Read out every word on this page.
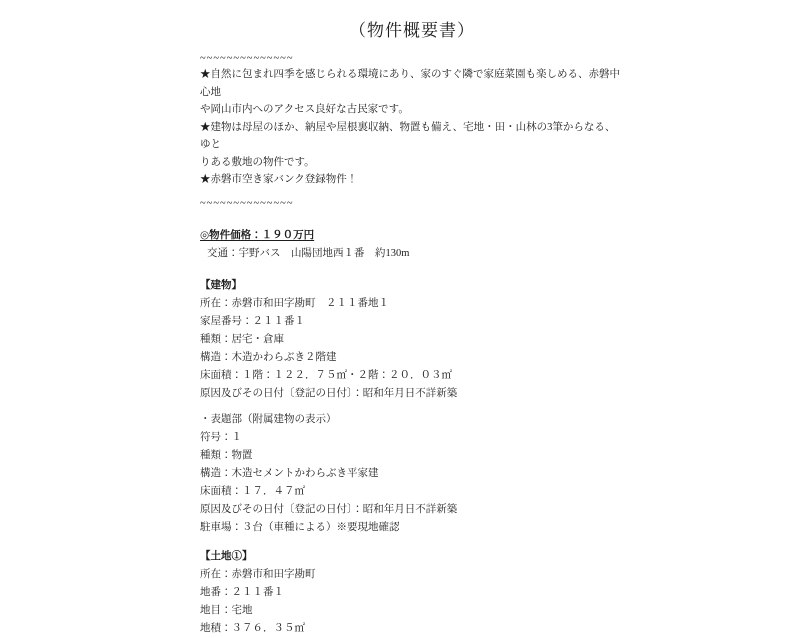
（物件概要書）
~~~~~~~~~~~~~~
★自然に包まれ四季を感じられる環境にあり、家のすぐ隣で家庭菜園も楽しめる、赤磐中心地
や岡山市内へのアクセス良好な古民家です。
★建物は母屋のほか、納屋や屋根裏収納、物置も備え、宅地・田・山林の3筆からなる、ゆと
りある敷地の物件です。
★赤磐市空き家バンク登録物件！
~~~~~~~~~~~~~~
◎物件価格：１９０万円
交通：宇野バス　山陽団地西１番　約130m
【建物】
所在：赤磐市和田字勘町　２１１番地１
家屋番号：２１１番１
種類：居宅・倉庫
構造：木造かわらぶき２階建
床面積：１階：１２２．７５㎡・２階：２０．０３㎡
原因及びその日付〔登記の日付〕：昭和年月日不詳新築
・表題部（附属建物の表示）
符号：１
種類：物置
構造：木造セメントかわらぶき平家建
床面積：１７．４７㎡
原因及びその日付〔登記の日付〕：昭和年月日不詳新築
駐車場：３台（車種による）※要現地確認
【土地①】
所在：赤磐市和田字勘町
地番：２１１番１
地目：宅地
地積：３７６．３５㎡
